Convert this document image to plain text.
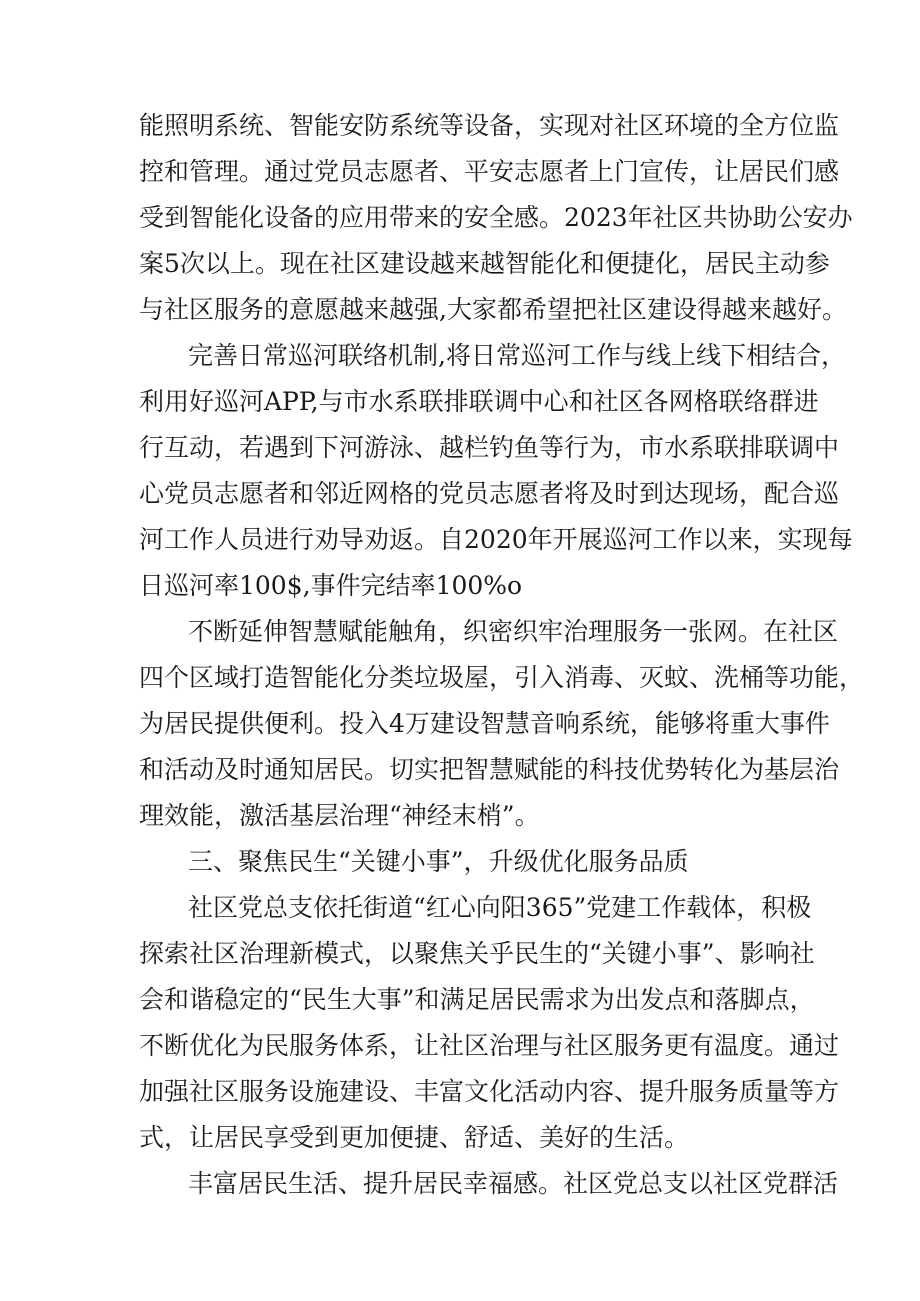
能照明系统、智能安防系统等设备，实现对社区环境的全方位监
控和管理。通过党员志愿者、平安志愿者上门宣传，让居民们感
受到智能化设备的应用带来的安全感。2023年社区共协助公安办
案5次以上。现在社区建设越来越智能化和便捷化，居民主动参
与社区服务的意愿越来越强,大家都希望把社区建设得越来越好。
完善日常巡河联络机制,将日常巡河工作与线上线下相结合，
利用好巡河APP,与市水系联排联调中心和社区各网格联络群进
行互动，若遇到下河游泳、越栏钓鱼等行为，市水系联排联调中
心党员志愿者和邻近网格的党员志愿者将及时到达现场，配合巡
河工作人员进行劝导劝返。自2020年开展巡河工作以来，实现每
日巡河率100$,事件完结率100%o
不断延伸智慧赋能触角，织密织牢治理服务一张网。在社区
四个区域打造智能化分类垃圾屋，引入消毒、灭蚊、洗桶等功能，
为居民提供便利。投入4万建设智慧音响系统，能够将重大事件
和活动及时通知居民。切实把智慧赋能的科技优势转化为基层治
理效能，激活基层治理“神经末梢”。
三、聚焦民生“关键小事”，升级优化服务品质
社区党总支依托街道“红心向阳365”党建工作载体，积极
探索社区治理新模式，以聚焦关乎民生的“关键小事”、影响社
会和谐稳定的“民生大事”和满足居民需求为出发点和落脚点，
不断优化为民服务体系，让社区治理与社区服务更有温度。通过
加强社区服务设施建设、丰富文化活动内容、提升服务质量等方
式，让居民享受到更加便捷、舒适、美好的生活。
丰富居民生活、提升居民幸福感。社区党总支以社区党群活
